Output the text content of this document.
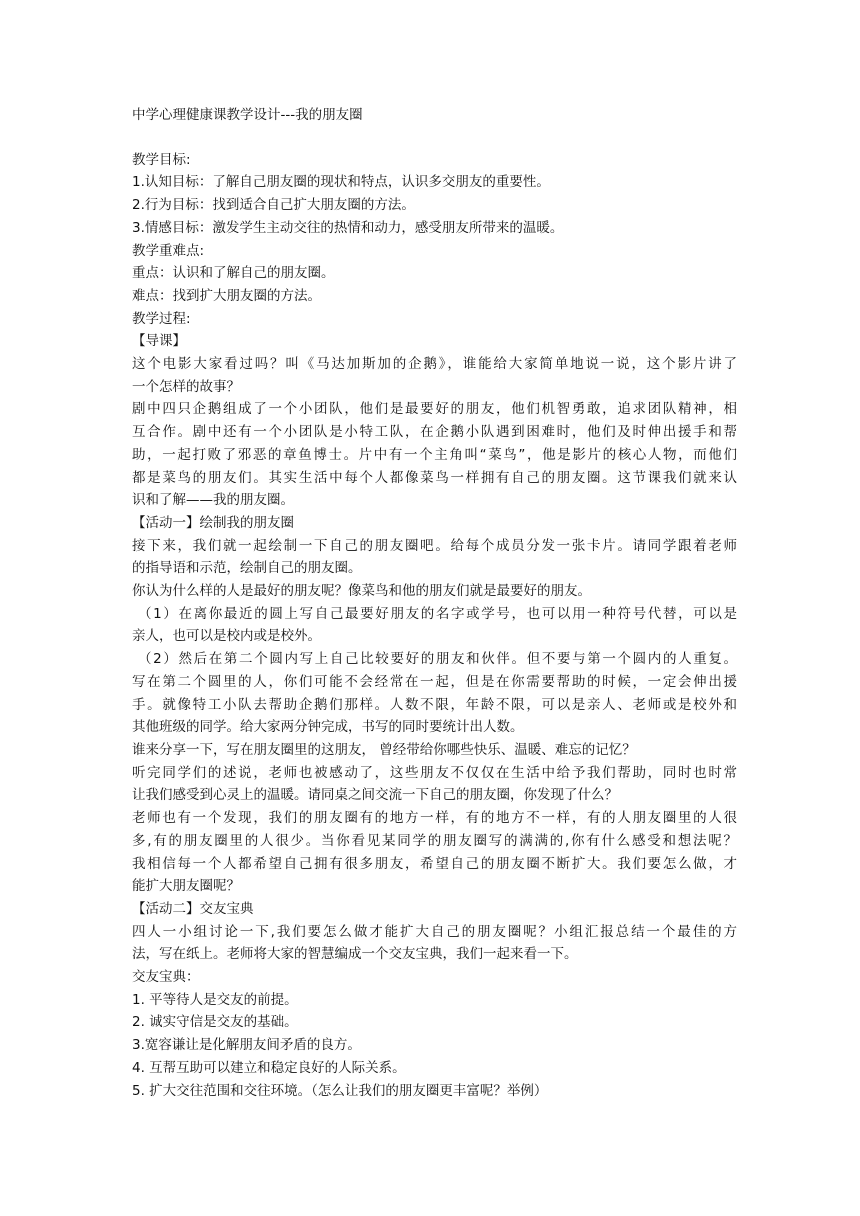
中学心理健康课教学设计---我的朋友圈
教学目标:
1.认知目标：了解自己朋友圈的现状和特点，认识多交朋友的重要性。
2.行为目标：找到适合自己扩大朋友圈的方法。
3.情感目标：激发学生主动交往的热情和动力，感受朋友所带来的温暖。
教学重难点:
重点：认识和了解自己的朋友圈。
难点：找到扩大朋友圈的方法。
教学过程:
【导课】
这个电影大家看过吗？叫《马达加斯加的企鹅》，谁能给大家简单地说一说，这个影片讲了
一个怎样的故事？
剧中四只企鹅组成了一个小团队，他们是最要好的朋友，他们机智勇敢，追求团队精神，相
互合作。剧中还有一个小团队是小特工队，在企鹅小队遇到困难时，他们及时伸出援手和帮
助，一起打败了邪恶的章鱼博士。片中有一个主角叫“菜鸟”，他是影片的核心人物，而他们
都是菜鸟的朋友们。其实生活中每个人都像菜鸟一样拥有自己的朋友圈。这节课我们就来认
识和了解——我的朋友圈。
【活动一】绘制我的朋友圈
接下来，我们就一起绘制一下自己的朋友圈吧。给每个成员分发一张卡片。请同学跟着老师
的指导语和示范，绘制自己的朋友圈。
你认为什么样的人是最好的朋友呢？像菜鸟和他的朋友们就是最要好的朋友。
（1）在离你最近的圆上写自己最要好朋友的名字或学号，也可以用一种符号代替，可以是
亲人，也可以是校内或是校外。
（2）然后在第二个圆内写上自己比较要好的朋友和伙伴。但不要与第一个圆内的人重复。
写在第二个圆里的人，你们可能不会经常在一起，但是在你需要帮助的时候，一定会伸出援
手。就像特工小队去帮助企鹅们那样。人数不限，年龄不限，可以是亲人、老师或是校外和
其他班级的同学。给大家两分钟完成，书写的同时要统计出人数。
谁来分享一下，写在朋友圈里的这朋友， 曾经带给你哪些快乐、温暖、难忘的记忆？
听完同学们的述说，老师也被感动了，这些朋友不仅仅在生活中给予我们帮助，同时也时常
让我们感受到心灵上的温暖。请同桌之间交流一下自己的朋友圈，你发现了什么？
老师也有一个发现，我们的朋友圈有的地方一样，有的地方不一样，有的人朋友圈里的人很
多,有的朋友圈里的人很少。当你看见某同学的朋友圈写的满满的,你有什么感受和想法呢？
我相信每一个人都希望自己拥有很多朋友，希望自己的朋友圈不断扩大。我们要怎么做，才
能扩大朋友圈呢？
【活动二】交友宝典
四人一小组讨论一下,我们要怎么做才能扩大自己的朋友圈呢？小组汇报总结一个最佳的方
法，写在纸上。老师将大家的智慧编成一个交友宝典，我们一起来看一下。
交友宝典：
1. 平等待人是交友的前提。
2. 诚实守信是交友的基础。
3.宽容谦让是化解朋友间矛盾的良方。
4. 互帮互助可以建立和稳定良好的人际关系。
5. 扩大交往范围和交往环境。（怎么让我们的朋友圈更丰富呢？举例）
